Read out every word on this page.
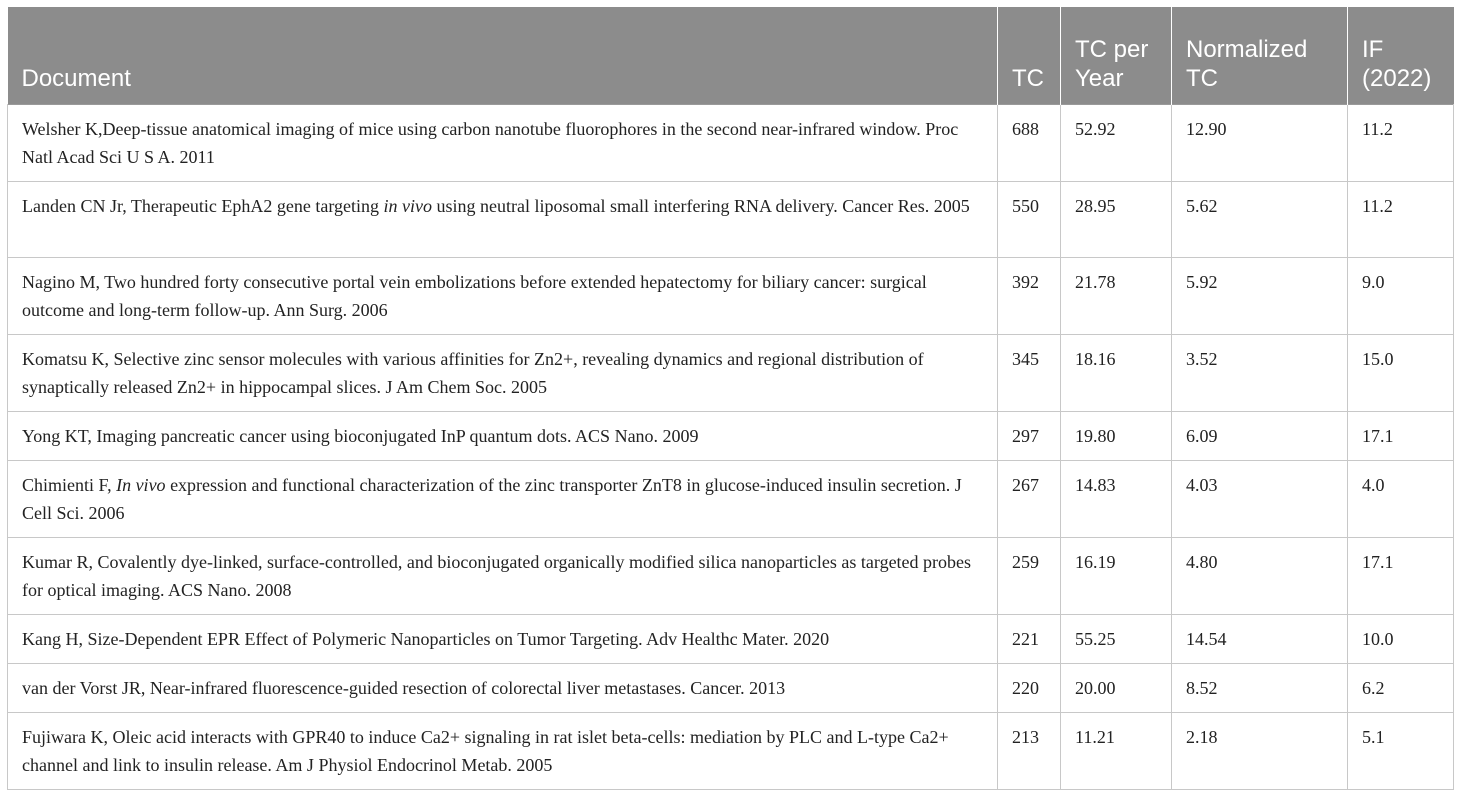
Document	TC	TC per Year	Normalized TC	IF (2022)
Welsher K,Deep-tissue anatomical imaging of mice using carbon nanotube fluorophores in the second near-infrared window. Proc Natl Acad Sci U S A. 2011	688	52.92	12.90	11.2
Landen CN Jr, Therapeutic EphA2 gene targeting in vivo using neutral liposomal small interfering RNA delivery. Cancer Res. 2005	550	28.95	5.62	11.2
Nagino M, Two hundred forty consecutive portal vein embolizations before extended hepatectomy for biliary cancer: surgical outcome and long-term follow-up. Ann Surg. 2006	392	21.78	5.92	9.0
Komatsu K, Selective zinc sensor molecules with various affinities for Zn2+, revealing dynamics and regional distribution of synaptically released Zn2+ in hippocampal slices. J Am Chem Soc. 2005	345	18.16	3.52	15.0
Yong KT, Imaging pancreatic cancer using bioconjugated InP quantum dots. ACS Nano. 2009	297	19.80	6.09	17.1
Chimienti F, In vivo expression and functional characterization of the zinc transporter ZnT8 in glucose-induced insulin secretion. J Cell Sci. 2006	267	14.83	4.03	4.0
Kumar R, Covalently dye-linked, surface-controlled, and bioconjugated organically modified silica nanoparticles as targeted probes for optical imaging. ACS Nano. 2008	259	16.19	4.80	17.1
Kang H, Size-Dependent EPR Effect of Polymeric Nanoparticles on Tumor Targeting. Adv Healthc Mater. 2020	221	55.25	14.54	10.0
van der Vorst JR, Near-infrared fluorescence-guided resection of colorectal liver metastases. Cancer. 2013	220	20.00	8.52	6.2
Fujiwara K, Oleic acid interacts with GPR40 to induce Ca2+ signaling in rat islet beta-cells: mediation by PLC and L-type Ca2+ channel and link to insulin release. Am J Physiol Endocrinol Metab. 2005	213	11.21	2.18	5.1
